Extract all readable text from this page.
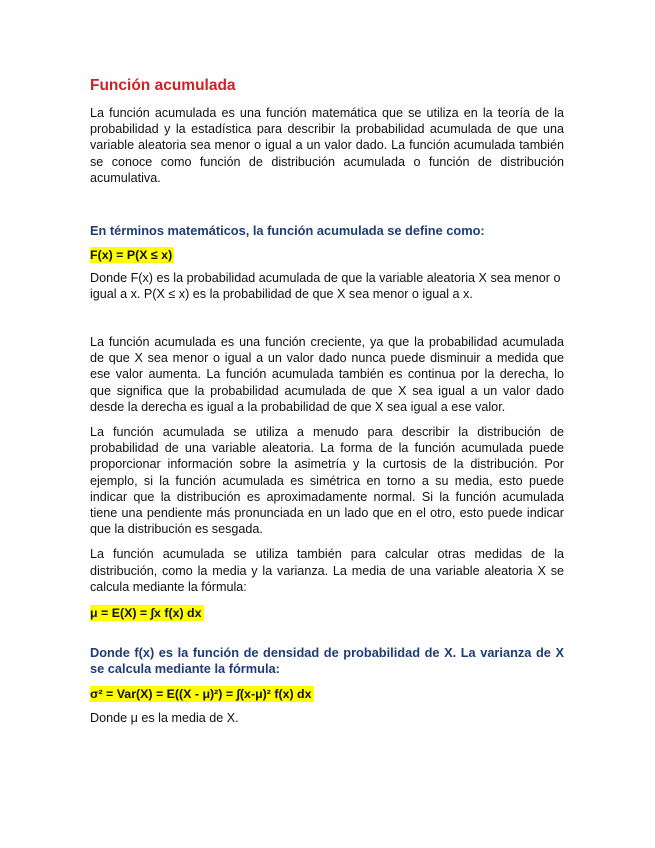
Función acumulada

La función acumulada es una función matemática que se utiliza en la teoría de la probabilidad y la estadística para describir la probabilidad acumulada de que una variable aleatoria sea menor o igual a un valor dado. La función acumulada también se conoce como función de distribución acumulada o función de distribución acumulativa.

En términos matemáticos, la función acumulada se define como:

F(x) = P(X ≤ x)

Donde F(x) es la probabilidad acumulada de que la variable aleatoria X sea menor o igual a x. P(X ≤ x) es la probabilidad de que X sea menor o igual a x.

La función acumulada es una función creciente, ya que la probabilidad acumulada de que X sea menor o igual a un valor dado nunca puede disminuir a medida que ese valor aumenta. La función acumulada también es continua por la derecha, lo que significa que la probabilidad acumulada de que X sea igual a un valor dado desde la derecha es igual a la probabilidad de que X sea igual a ese valor.

La función acumulada se utiliza a menudo para describir la distribución de probabilidad de una variable aleatoria. La forma de la función acumulada puede proporcionar información sobre la asimetría y la curtosis de la distribución. Por ejemplo, si la función acumulada es simétrica en torno a su media, esto puede indicar que la distribución es aproximadamente normal. Si la función acumulada tiene una pendiente más pronunciada en un lado que en el otro, esto puede indicar que la distribución es sesgada.

La función acumulada se utiliza también para calcular otras medidas de la distribución, como la media y la varianza. La media de una variable aleatoria X se calcula mediante la fórmula:

μ = E(X) = ∫x f(x) dx

Donde f(x) es la función de densidad de probabilidad de X. La varianza de X se calcula mediante la fórmula:

σ² = Var(X) = E((X - μ)²) = ∫(x-μ)² f(x) dx

Donde μ es la media de X.
